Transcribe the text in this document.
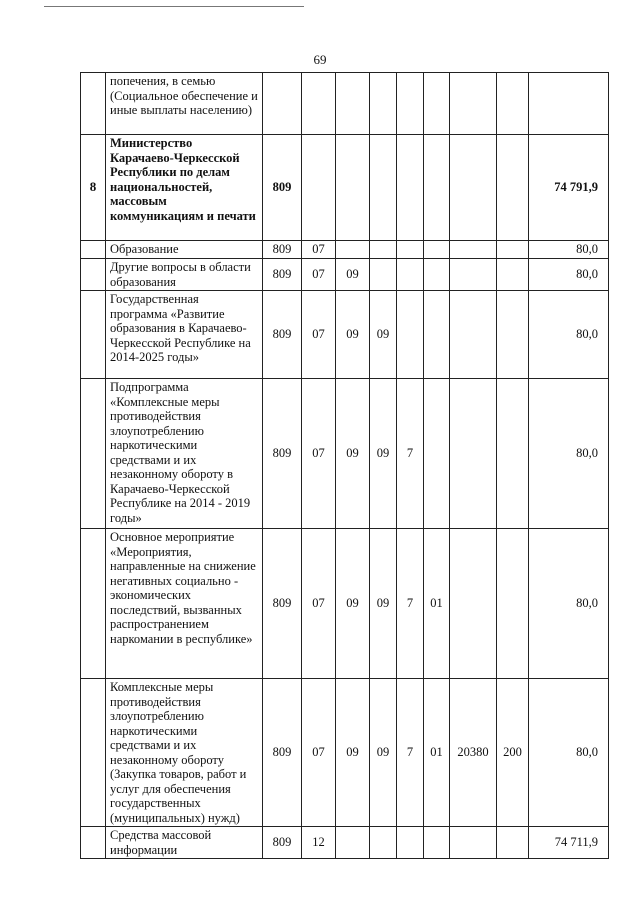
69
	попечения, в семью (Социальное обеспечение и иные выплаты населению)									
8	Министерство Карачаево-Черкесской Республики по делам национальностей, массовым коммуникациям и печати	809								74 791,9
	Образование	809	07							80,0
	Другие вопросы в области образования	809	07	09						80,0
	Государственная программа «Развитие образования в Карачаево-Черкесской Республике на 2014-2025 годы»	809	07	09	09					80,0
	Подпрограмма «Комплексные меры противодействия злоупотреблению наркотическими средствами и их незаконному обороту в Карачаево-Черкесской Республике на 2014 - 2019 годы»	809	07	09	09	7				80,0
	Основное мероприятие «Мероприятия, направленные на снижение негативных социально - экономических последствий, вызванных распространением наркомании в республике»	809	07	09	09	7	01			80,0
	Комплексные меры противодействия злоупотреблению наркотическими средствами и их незаконному обороту (Закупка товаров, работ и услуг для обеспечения государственных (муниципальных) нужд)	809	07	09	09	7	01	20380	200	80,0
	Средства массовой информации	809	12							74 711,9
